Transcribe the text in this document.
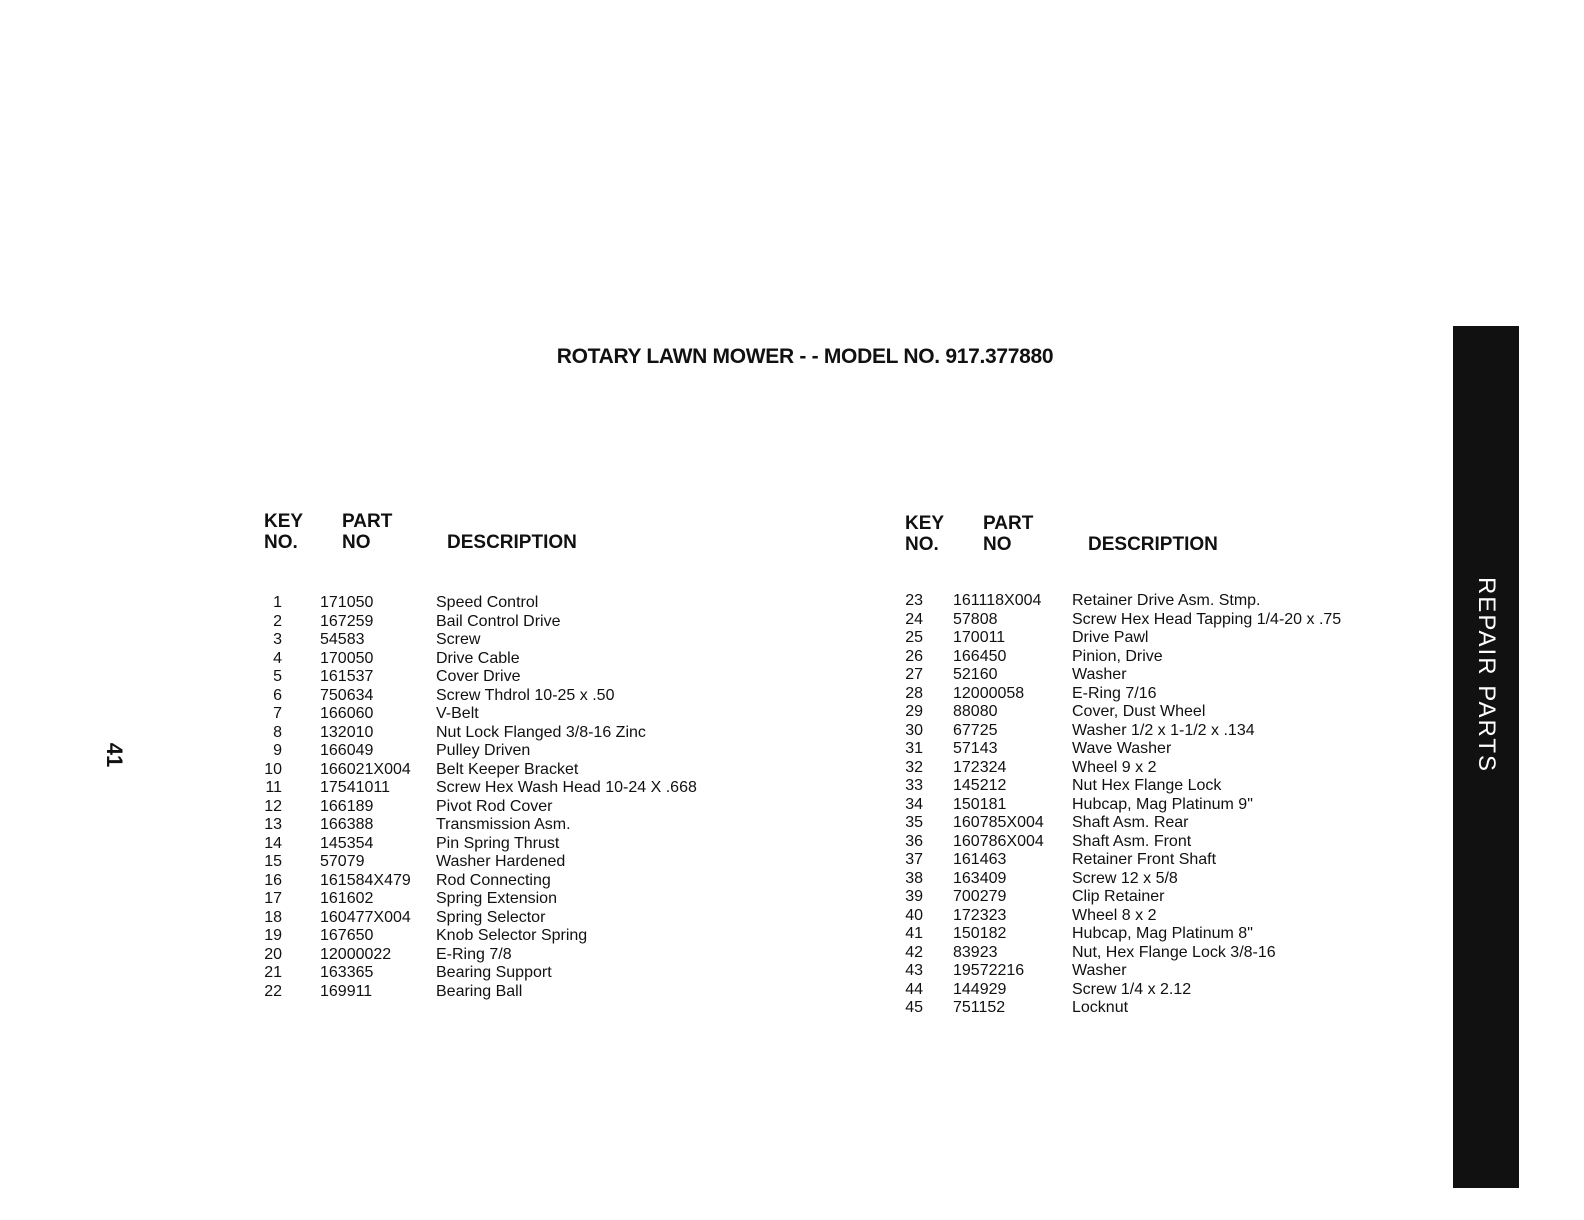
ROTARY LAWN MOWER - - MODEL NO. 917.377880
41	REPAIR PARTS
KEY
NO.
PART
NO	DESCRIPTION
1 171050	Speed Control
2 167259	Bail Control Drive
3 54583	Screw
4 170050	Drive Cable
5 161537	Cover Drive
6 750634	Screw Thdrol 10-25 x .50
7 166060	V-Belt
8 132010	Nut Lock Flanged 3/8-16 Zinc
9 166049	Pulley Driven
10 166021X004 Belt Keeper Bracket
11 17541011	Screw Hex Wash Head 10-24 X .668
12 166189	Pivot Rod Cover
13 166388	Transmission Asm.
14 145354	Pin Spring Thrust
15 57079	Washer Hardened
16 161584X479 Rod Connecting
17 161602	Spring Extension
18 160477X004 Spring Selector
19 167650	Knob Selector Spring
20 12000022	E-Ring 7/8
21 163365	Bearing Support
22 169911	Bearing Ball
KEY
NO.
PART
NO	DESCRIPTION
23 161118X004 Retainer Drive Asm. Stmp.
24 57808	Screw Hex Head Tapping 1/4-20 x .75
25 170011	Drive Pawl
26 166450	Pinion, Drive
27 52160	Washer
28 12000058	E-Ring 7/16
29 88080	Cover, Dust Wheel
30 67725	Washer 1/2 x 1-1/2 x .134
31 57143	Wave Washer
32 172324	Wheel 9 x 2
33 145212	Nut Hex Flange Lock
34 150181	Hubcap, Mag Platinum 9"
35 160785X004 Shaft Asm. Rear
36 160786X004 Shaft Asm. Front
37 161463	Retainer Front Shaft
38 163409	Screw 12 x 5/8
39 700279	Clip Retainer
40 172323	Wheel 8 x 2
41 150182	Hubcap, Mag Platinum 8"
42 83923	Nut, Hex Flange Lock 3/8-16
43 19572216	Washer
44 144929	Screw 1/4 x 2.12
45 751152	Locknut
